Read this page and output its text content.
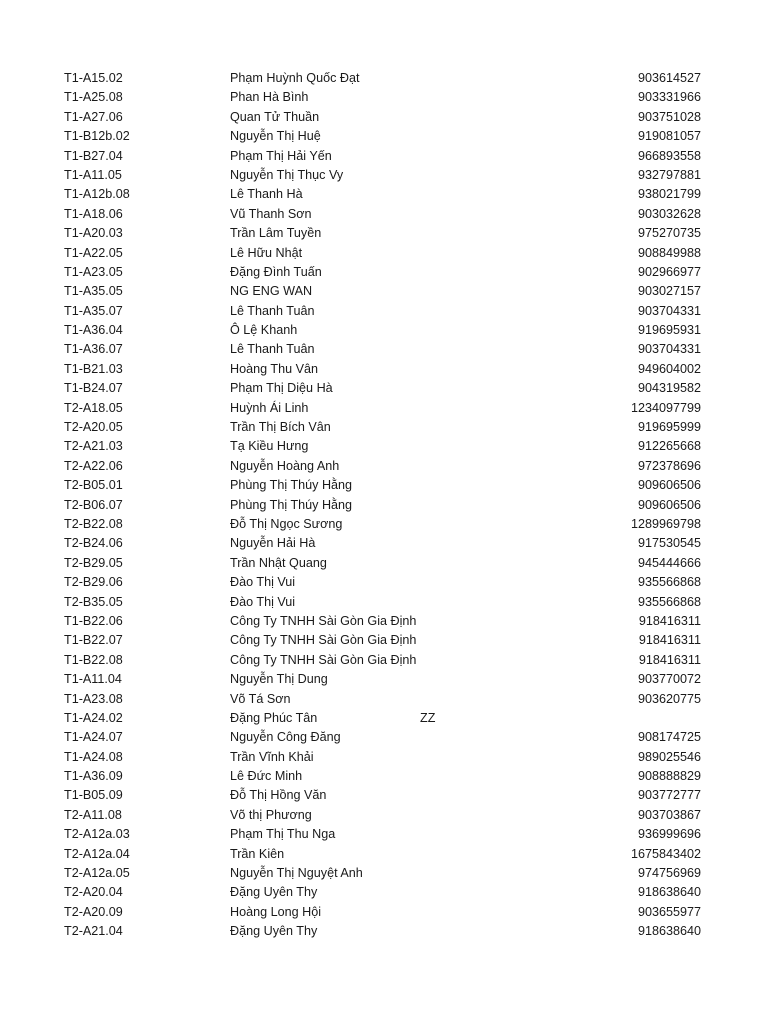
T1-A15.02	Phạm Huỳnh Quốc Đạt	903614527
T1-A25.08	Phan Hà Bình	903331966
T1-A27.06	Quan Tử Thuần	903751028
T1-B12b.02	Nguyễn Thị Huệ	919081057
T1-B27.04	Phạm Thị Hải Yến	966893558
T1-A11.05	Nguyễn Thị Thục Vy	932797881
T1-A12b.08	Lê Thanh Hà	938021799
T1-A18.06	Vũ Thanh Sơn	903032628
T1-A20.03	Trần Lâm Tuyền	975270735
T1-A22.05	Lê Hữu Nhật	908849988
T1-A23.05	Đặng Đình Tuấn	902966977
T1-A35.05	NG ENG WAN	903027157
T1-A35.07	Lê Thanh Tuân	903704331
T1-A36.04	Ô Lệ Khanh	919695931
T1-A36.07	Lê Thanh Tuân	903704331
T1-B21.03	Hoàng Thu Vân	949604002
T1-B24.07	Phạm Thị Diệu Hà	904319582
T2-A18.05	Huỳnh Ái Linh	1234097799
T2-A20.05	Trần Thị Bích Vân	919695999
T2-A21.03	Tạ Kiều Hưng	912265668
T2-A22.06	Nguyễn Hoàng Anh	972378696
T2-B05.01	Phùng Thị Thúy Hằng	909606506
T2-B06.07	Phùng Thị Thúy Hằng	909606506
T2-B22.08	Đỗ Thị Ngọc Sương	1289969798
T2-B24.06	Nguyễn Hải Hà	917530545
T2-B29.05	Trần Nhật Quang	945444666
T2-B29.06	Đào Thị Vui	935566868
T2-B35.05	Đào Thị Vui	935566868
T1-B22.06	Công Ty TNHH Sài Gòn Gia Định	918416311
T1-B22.07	Công Ty TNHH Sài Gòn Gia Định	918416311
T1-B22.08	Công Ty TNHH Sài Gòn Gia Định	918416311
T1-A11.04	Nguyễn Thị Dung	903770072
T1-A23.08	Võ Tá Sơn	903620775
T1-A24.02	Đặng Phúc Tân	ZZ
T1-A24.07	Nguyễn Công Đăng	908174725
T1-A24.08	Trần Vĩnh Khải	989025546
T1-A36.09	Lê Đức Minh	908888829
T1-B05.09	Đỗ Thị Hồng Văn	903772777
T2-A11.08	Võ thị Phương	903703867
T2-A12a.03	Phạm Thị Thu Nga	936999696
T2-A12a.04	Trần Kiên	1675843402
T2-A12a.05	Nguyễn Thị Nguyệt Anh	974756969
T2-A20.04	Đặng Uyên Thy	918638640
T2-A20.09	Hoàng Long Hội	903655977
T2-A21.04	Đặng Uyên Thy	918638640
